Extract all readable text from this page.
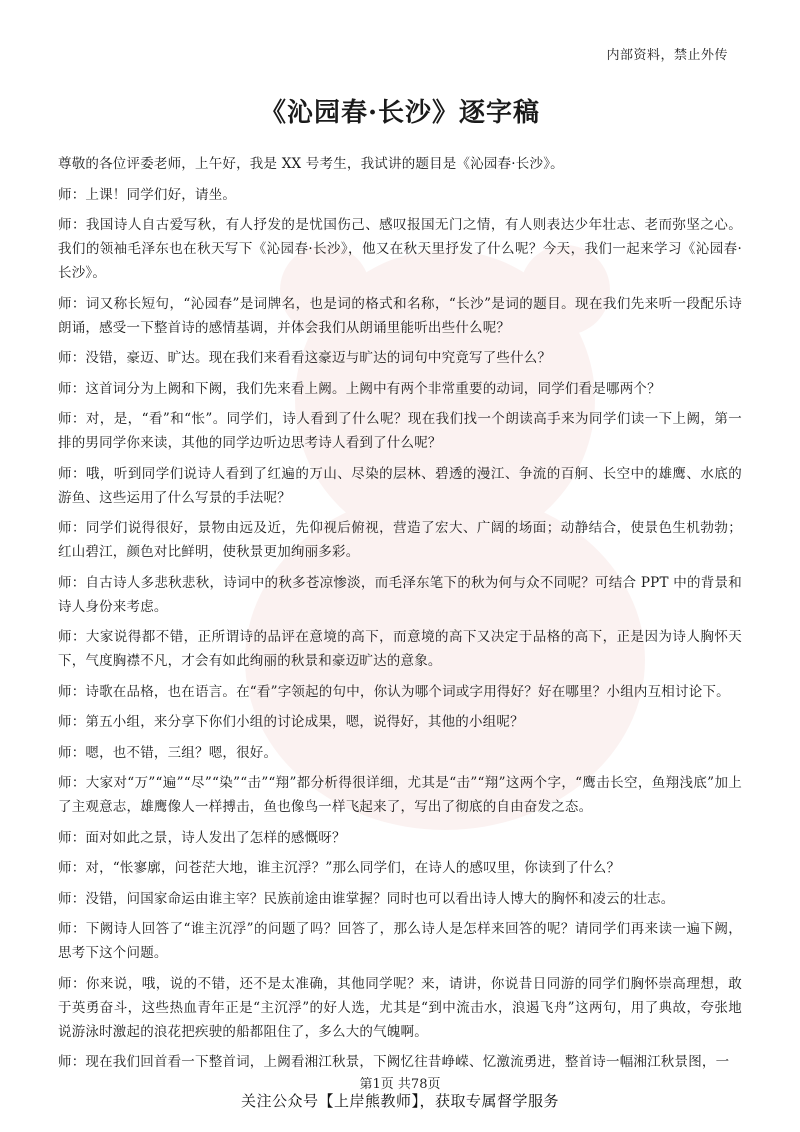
内部资料，禁止外传
《沁园春·长沙》逐字稿

尊敬的各位评委老师，上午好，我是 XX 号考生，我试讲的题目是《沁园春·长沙》。

师：上课！同学们好，请坐。

师：我国诗人自古爱写秋，有人抒发的是忧国伤己、感叹报国无门之情，有人则表达少年壮志、老而弥坚之心。我们的领袖毛泽东也在秋天写下《沁园春·长沙》，他又在秋天里抒发了什么呢？今天，我们一起来学习《沁园春·长沙》。

师：词又称长短句，“沁园春”是词牌名，也是词的格式和名称，“长沙”是词的题目。现在我们先来听一段配乐诗朗诵，感受一下整首诗的感情基调，并体会我们从朗诵里能听出些什么呢？

师：没错，豪迈、旷达。现在我们来看看这豪迈与旷达的词句中究竟写了些什么？

师：这首词分为上阙和下阙，我们先来看上阙。上阙中有两个非常重要的动词，同学们看是哪两个？

师：对，是，“看”和“怅”。同学们，诗人看到了什么呢？现在我们找一个朗读高手来为同学们读一下上阙，第一排的男同学你来读，其他的同学边听边思考诗人看到了什么呢？

师：哦，听到同学们说诗人看到了红遍的万山、尽染的层林、碧透的漫江、争流的百舸、长空中的雄鹰、水底的游鱼、这些运用了什么写景的手法呢？

师：同学们说得很好，景物由远及近，先仰视后俯视，营造了宏大、广阔的场面；动静结合，使景色生机勃勃；红山碧江，颜色对比鲜明，使秋景更加绚丽多彩。

师：自古诗人多悲秋悲秋，诗词中的秋多苍凉惨淡，而毛泽东笔下的秋为何与众不同呢？可结合 PPT 中的背景和诗人身份来考虑。

师：大家说得都不错，正所谓诗的品评在意境的高下，而意境的高下又决定于品格的高下，正是因为诗人胸怀天下，气度胸襟不凡，才会有如此绚丽的秋景和豪迈旷达的意象。

师：诗歌在品格，也在语言。在“看”字领起的句中，你认为哪个词或字用得好？好在哪里？小组内互相讨论下。

师：第五小组，来分享下你们小组的讨论成果，嗯，说得好，其他的小组呢？

师：嗯，也不错，三组？嗯，很好。

师：大家对“万”“遍”“尽”“染”“击”“翔”都分析得很详细，尤其是“击”“翔”这两个字，“鹰击长空，鱼翔浅底”加上了主观意志，雄鹰像人一样搏击，鱼也像鸟一样飞起来了，写出了彻底的自由奋发之态。

师：面对如此之景，诗人发出了怎样的感慨呀？

师：对，“怅寥廓，问苍茫大地，谁主沉浮？”那么同学们，在诗人的感叹里，你读到了什么？

师：没错，问国家命运由谁主宰？民族前途由谁掌握？同时也可以看出诗人博大的胸怀和凌云的壮志。

师：下阙诗人回答了“谁主沉浮”的问题了吗？回答了，那么诗人是怎样来回答的呢？请同学们再来读一遍下阙，思考下这个问题。

师：你来说，哦，说的不错，还不是太准确，其他同学呢？来，请讲，你说昔日同游的同学们胸怀崇高理想，敢于英勇奋斗，这些热血青年正是“主沉浮”的好人选，尤其是“到中流击水，浪遏飞舟”这两句，用了典故，夸张地说游泳时激起的浪花把疾驶的船都阻住了，多么大的气魄啊。

师：现在我们回首看一下整首词，上阙看湘江秋景，下阙忆往昔峥嵘、忆激流勇进，整首诗一幅湘江秋景图，一

第1页 共78页
关注公众号【上岸熊教师】，获取专属督学服务
